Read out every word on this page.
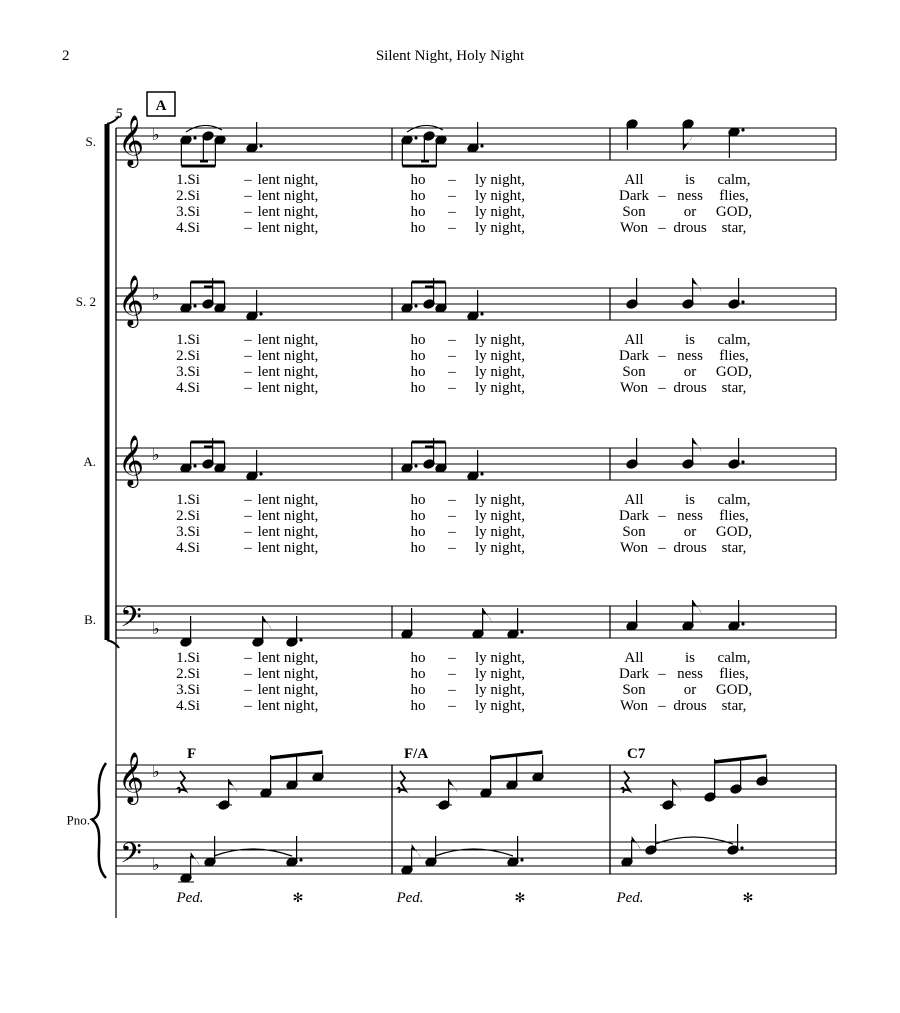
2	Silent Night, Holy Night
𝄞 ♭
S.
𝄞 ♭
S. 2
𝄞 ♭
A.
𝄢 ♭
B.
5 A
1.Si	– lent night,	ho – ly night,	All	is calm,
2.Si	– lent night,	ho – ly night,	Dark – ness flies,
3.Si	– lent night,	ho – ly night,	Son	or GOD,
4.Si	– lent night,	ho – ly night,	Won – drous star,
1.Si	– lent night,	ho – ly night,	All	is calm,
2.Si	– lent night,	ho – ly night,	Dark – ness flies,
3.Si	– lent night,	ho – ly night,	Son	or GOD,
4.Si	– lent night,	ho – ly night,	Won – drous star,
1.Si	– lent night,	ho – ly night,	All	is calm,
2.Si	– lent night,	ho – ly night,	Dark – ness flies,
3.Si	– lent night,	ho – ly night,	Son	or GOD,
4.Si	– lent night,	ho – ly night,	Won – drous star,
1.Si	– lent night,	ho – ly night,	All	is calm,
2.Si	– lent night,	ho – ly night,	Dark – ness flies,
3.Si	– lent night,	ho – ly night,	Son	or GOD,
4.Si	– lent night,	ho – ly night,	Won – drous star,
𝄞 ♭
𝄢 ♭
Pno.
F	F/A	C7
Ped.	✻	Ped.	✻	Ped.	✻
